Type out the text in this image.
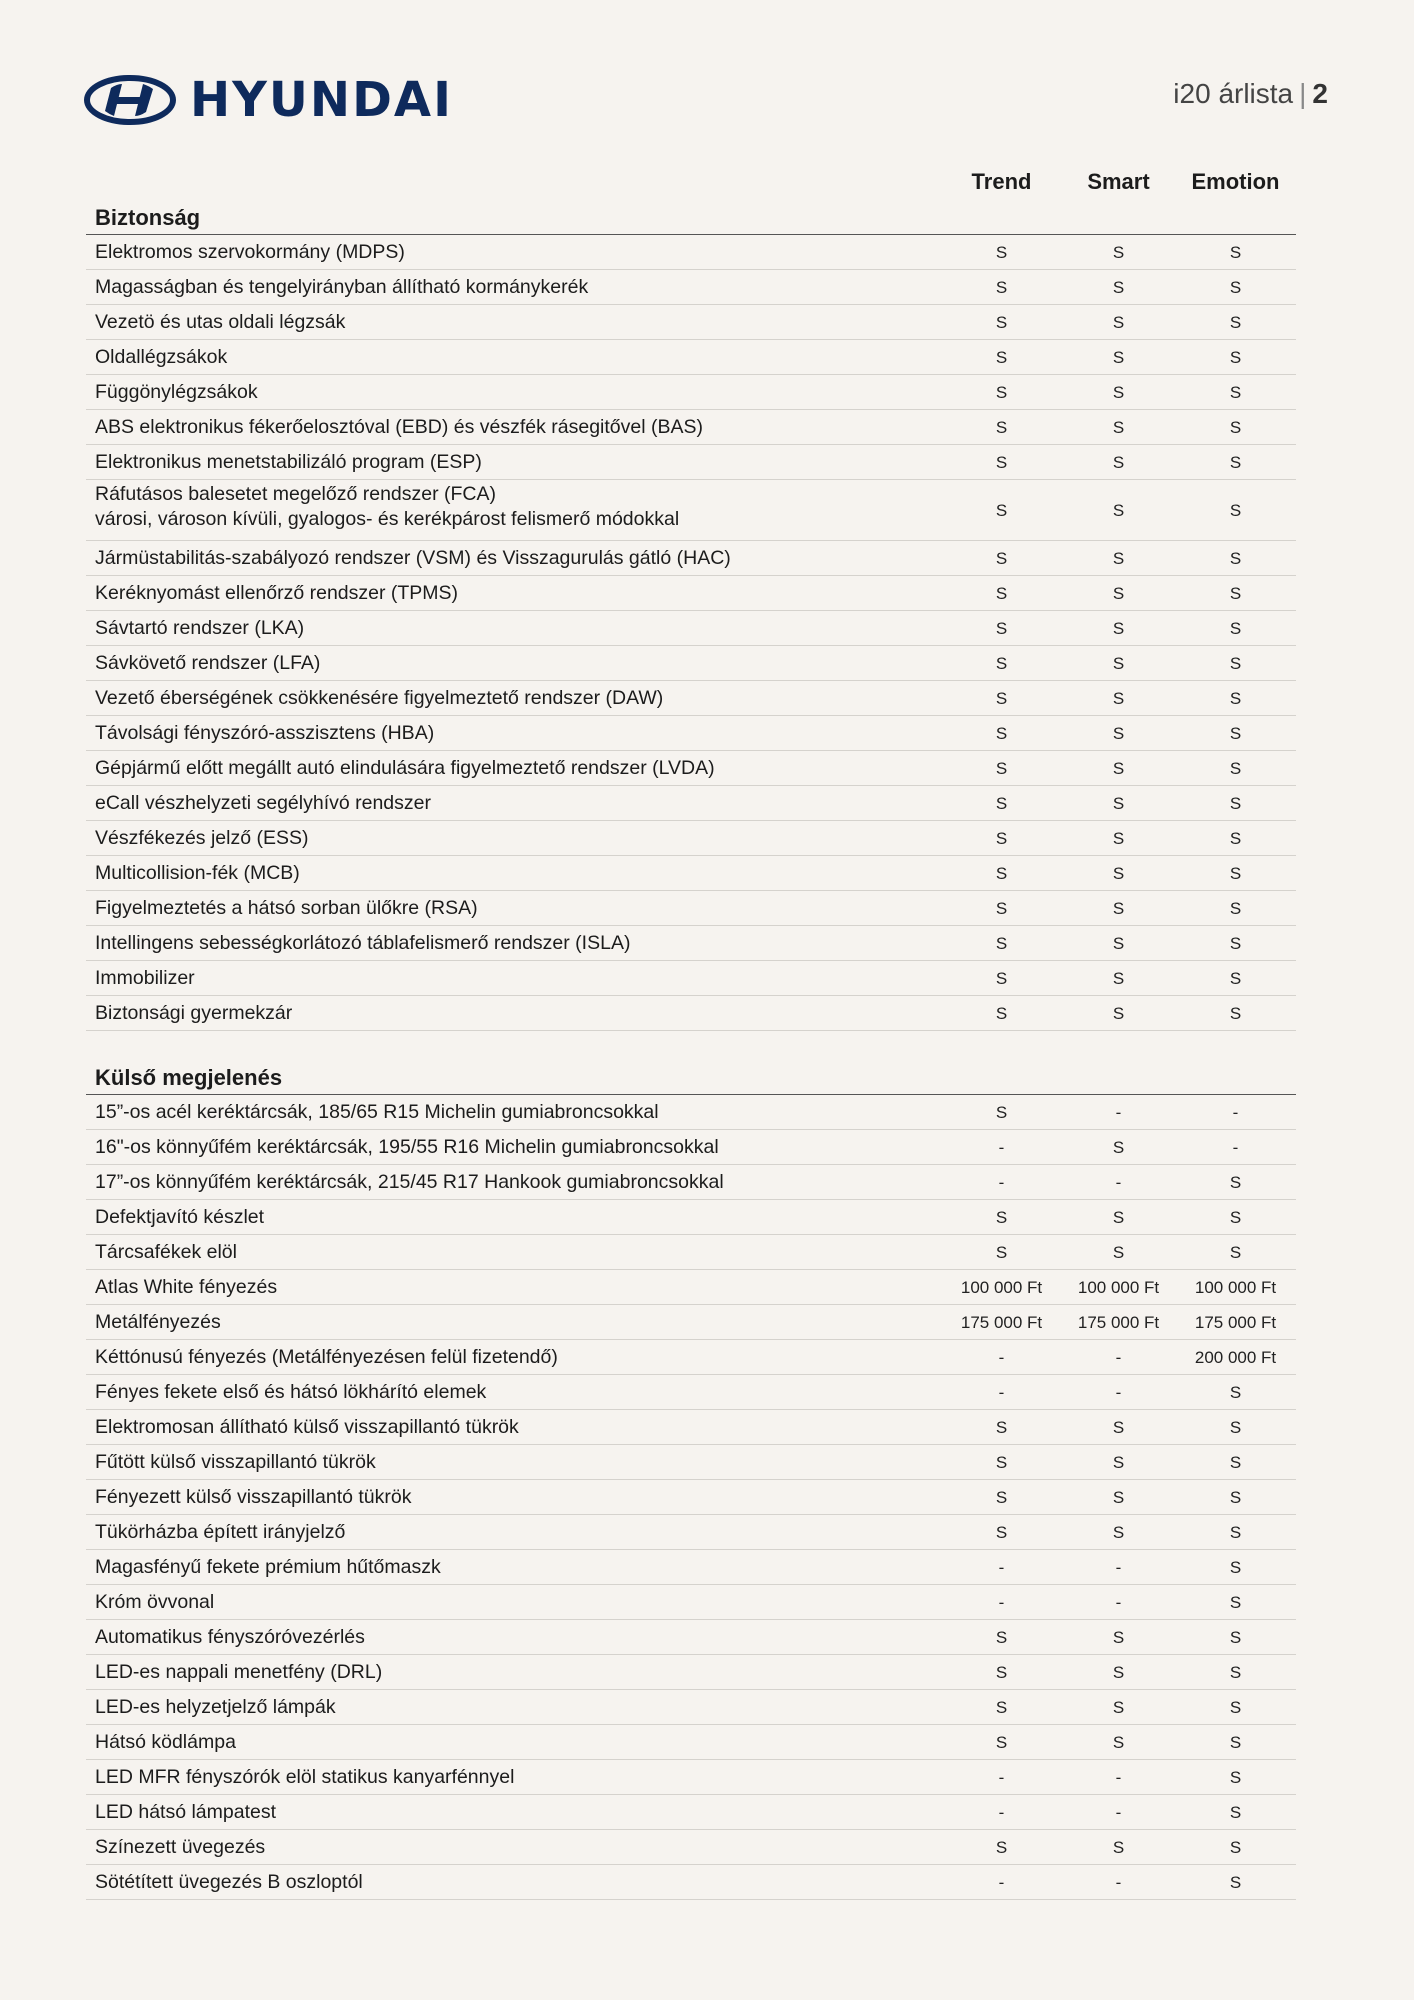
HYUNDAI	i20 árlista | 2
Trend	Smart	Emotion
Biztonság
Elektromos szervokormány (MDPS)	S	S	S
Magasságban és tengelyirányban állítható kormánykerék	S	S	S
Vezetö és utas oldali légzsák	S	S	S
Oldallégzsákok	S	S	S
Függönylégzsákok	S	S	S
ABS elektronikus fékerőelosztóval (EBD) és vészfék rásegitővel (BAS)	S	S	S
Elektronikus menetstabilizáló program (ESP)	S	S	S
Ráfutásos balesetet megelőző rendszer (FCA)
városi, városon kívüli, gyalogos- és kerékpárost felismerő módokkal	S	S	S
Jármüstabilitás-szabályozó rendszer (VSM) és Visszagurulás gátló (HAC)	S	S	S
Keréknyomást ellenőrző rendszer (TPMS)	S	S	S
Sávtartó rendszer (LKA)	S	S	S
Sávkövető rendszer (LFA)	S	S	S
Vezető éberségének csökkenésére figyelmeztető rendszer (DAW)	S	S	S
Távolsági fényszóró-asszisztens (HBA)	S	S	S
Gépjármű előtt megállt autó elindulására figyelmeztető rendszer (LVDA)	S	S	S
eCall vészhelyzeti segélyhívó rendszer	S	S	S
Vészfékezés jelző (ESS)	S	S	S
Multicollision-fék (MCB)	S	S	S
Figyelmeztetés a hátsó sorban ülőkre (RSA)	S	S	S
Intellingens sebességkorlátozó táblafelismerő rendszer (ISLA)	S	S	S
Immobilizer	S	S	S
Biztonsági gyermekzár	S	S	S
Külső megjelenés
15”-os acél keréktárcsák, 185/65 R15 Michelin gumiabroncsokkal	S	-	-
16"-os könnyűfém keréktárcsák, 195/55 R16 Michelin gumiabroncsokkal	-	S	-
17”-os könnyűfém keréktárcsák, 215/45 R17 Hankook gumiabroncsokkal	-	-	S
Defektjavító készlet	S	S	S
Tárcsafékek elöl	S	S	S
Atlas White fényezés	100 000 Ft	100 000 Ft	100 000 Ft
Metálfényezés	175 000 Ft	175 000 Ft	175 000 Ft
Kéttónusú fényezés (Metálfényezésen felül fizetendő)	-	-	200 000 Ft
Fényes fekete első és hátsó lökhárító elemek	-	-	S
Elektromosan állítható külső visszapillantó tükrök	S	S	S
Fűtött külső visszapillantó tükrök	S	S	S
Fényezett külső visszapillantó tükrök	S	S	S
Tükörházba épített irányjelző	S	S	S
Magasfényű fekete prémium hűtőmaszk	-	-	S
Króm övvonal	-	-	S
Automatikus fényszóróvezérlés	S	S	S
LED-es nappali menetfény (DRL)	S	S	S
LED-es helyzetjelző lámpák	S	S	S
Hátsó ködlámpa	S	S	S
LED MFR fényszórók elöl statikus kanyarfénnyel	-	-	S
LED hátsó lámpatest	-	-	S
Színezett üvegezés	S	S	S
Sötétített üvegezés B oszloptól	-	-	S
